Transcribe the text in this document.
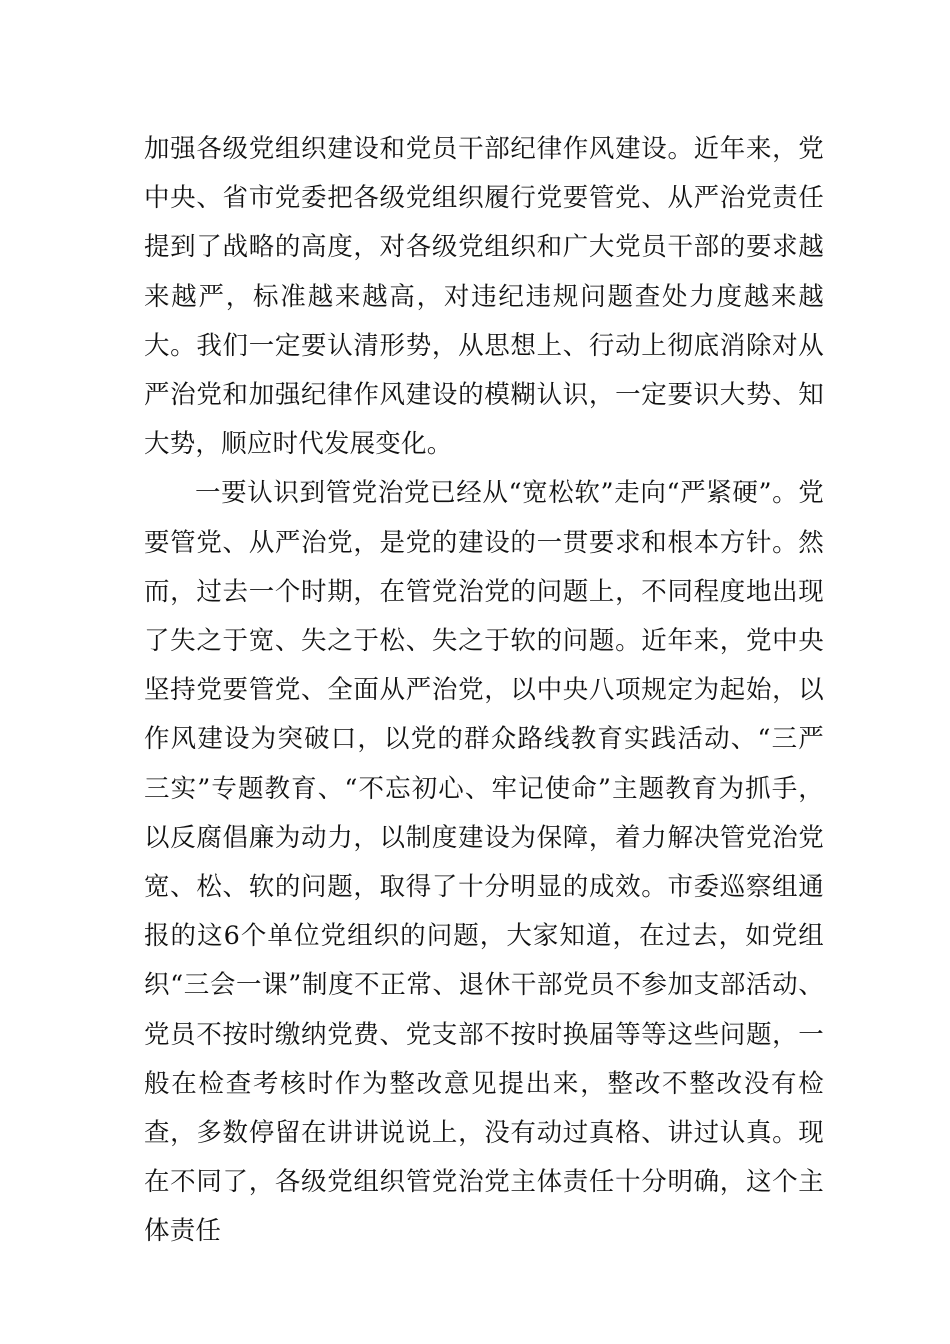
加强各级党组织建设和党员干部纪律作风建设。近年来，党中央、省市党委把各级党组织履行党要管党、从严治党责任提到了战略的高度，对各级党组织和广大党员干部的要求越来越严，标准越来越高，对违纪违规问题查处力度越来越大。我们一定要认清形势，从思想上、行动上彻底消除对从严治党和加强纪律作风建设的模糊认识，一定要识大势、知大势，顺应时代发展变化。

一要认识到管党治党已经从“宽松软”走向“严紧硬”。党要管党、从严治党，是党的建设的一贯要求和根本方针。然而，过去一个时期，在管党治党的问题上，不同程度地出现了失之于宽、失之于松、失之于软的问题。近年来，党中央坚持党要管党、全面从严治党，以中央八项规定为起始，以作风建设为突破口，以党的群众路线教育实践活动、“三严三实”专题教育、“不忘初心、牢记使命”主题教育为抓手，以反腐倡廉为动力，以制度建设为保障，着力解决管党治党宽、松、软的问题，取得了十分明显的成效。市委巡察组通报的这6个单位党组织的问题，大家知道，在过去，如党组织“三会一课”制度不正常、退休干部党员不参加支部活动、党员不按时缴纳党费、党支部不按时换届等等这些问题，一般在检查考核时作为整改意见提出来，整改不整改没有检查，多数停留在讲讲说说上，没有动过真格、讲过认真。现在不同了，各级党组织管党治党主体责任十分明确，这个主体责任
